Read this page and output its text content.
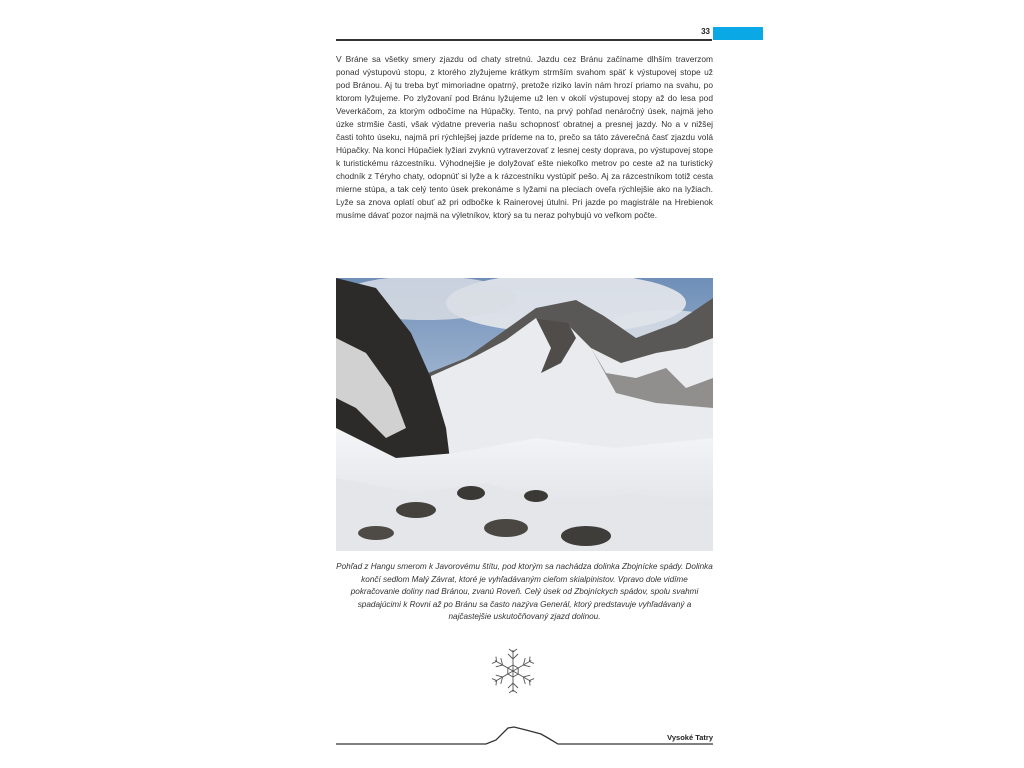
33

V Bráne sa všetky smery zjazdu od chaty stretnú. Jazdu cez Bránu začíname dlhším traverzom ponad výstupovú stopu, z ktorého zlyžujeme krátkym strmším svahom späť k výstupovej stope už pod Bránou. Aj tu treba byť mimoriadne opatrný, pretože riziko lavín nám hrozí priamo na svahu, po ktorom lyžujeme. Po zlyžovaní pod Bránu lyžujeme už len v okolí výstupovej stopy až do lesa pod Veverkáčom, za ktorým odbočíme na Húpačky. Tento, na prvý pohľad nenáročný úsek, najmä jeho úzke strmšie časti, však výdatne preveria našu schopnosť obratnej a presnej jazdy. No a v nižšej časti tohto úseku, najmä pri rýchlejšej jazde prídeme na to, prečo sa táto záverečná časť zjazdu volá Húpačky. Na konci Húpačiek lyžiari zvyknú vytraverzovať z lesnej cesty doprava, po výstupovej stope k turistickému rázcestníku. Výhodnejšie je dolyžovať ešte niekoľko metrov po ceste až na turistický chodník z Téryho chaty, odopnúť si lyže a k rázcestníku vystúpiť pešo. Aj za rázcestníkom totiž cesta mierne stúpa, a tak celý tento úsek prekonáme s lyžami na pleciach oveľa rýchlejšie ako na lyžiach. Lyže sa znova oplatí obuť až pri odbočke k Rainerovej útulni. Pri jazde po magistrále na Hrebienok musíme dávať pozor najmä na výletníkov, ktorý sa tu neraz pohybujú vo veľkom počte.

Pohľad z Hangu smerom k Javorovému štítu, pod ktorým sa nachádza dolinka Zbojnícke spády. Dolinka končí sedlom Malý Závrat, ktoré je vyhľadávaným cieľom skialpinistov. Vpravo dole vidíme pokračovanie doliny nad Bránou, zvanú Roveň. Celý úsek od Zbojníckych spádov, spolu svahmi spadajúcimi k Rovni až po Bránu sa často nazýva Generál, ktorý predstavuje vyhľadávaný a najčastejšie uskutočňovaný zjazd dolinou.

Vysoké Tatry
